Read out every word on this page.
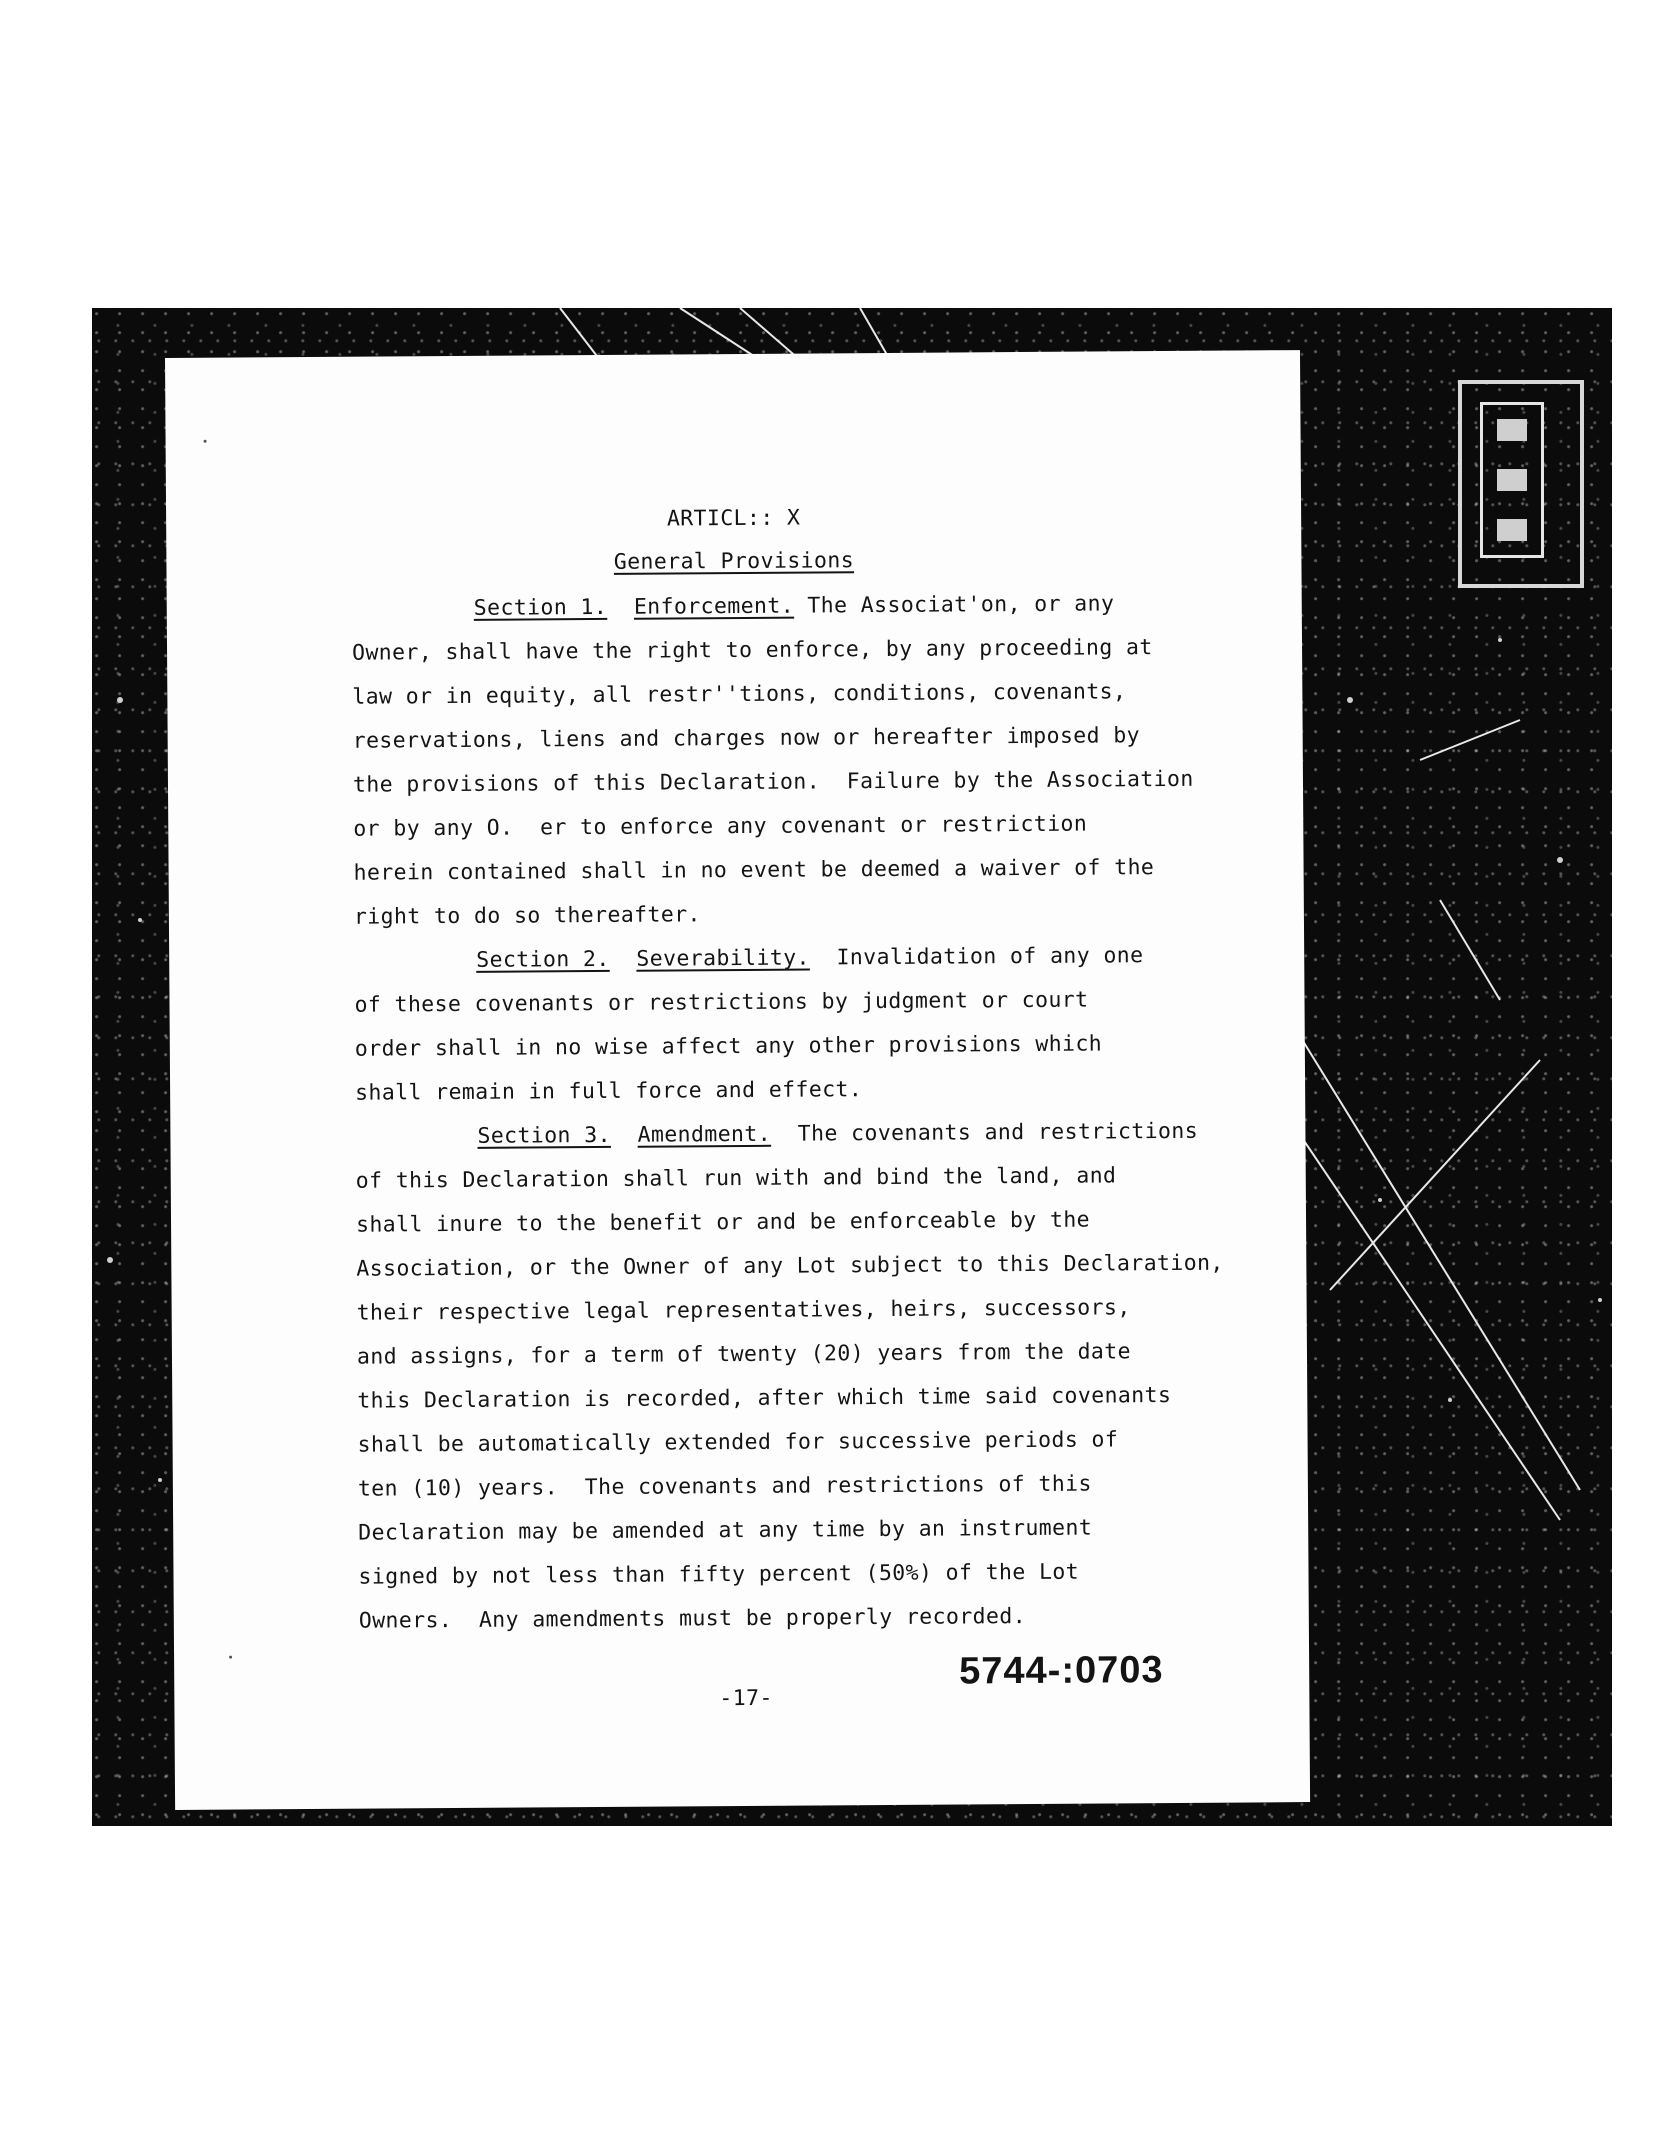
ARTICL:: X
General Provisions
Section 1. Enforcement. The Associat'on, or any
Owner, shall have the right to enforce, by any proceeding at
law or in equity, all restr''tions, conditions, covenants,
reservations, liens and charges now or hereafter imposed by
the provisions of this Declaration.  Failure by the Association
or by any O.  er to enforce any covenant or restriction
herein contained shall in no event be deemed a waiver of the
right to do so thereafter.
Section 2. Severability.  Invalidation of any one
of these covenants or restrictions by judgment or court
order shall in no wise affect any other provisions which
shall remain in full force and effect.
Section 3. Amendment.  The covenants and restrictions
of this Declaration shall run with and bind the land, and
shall inure to the benefit or and be enforceable by the
Association, or the Owner of any Lot subject to this Declaration,
their respective legal representatives, heirs, successors,
and assigns, for a term of twenty (20) years from the date
this Declaration is recorded, after which time said covenants
shall be automatically extended for successive periods of
ten (10) years.  The covenants and restrictions of this
Declaration may be amended at any time by an instrument
signed by not less than fifty percent (50%) of the Lot
Owners.  Any amendments must be properly recorded.
-17-
5744-:0703
